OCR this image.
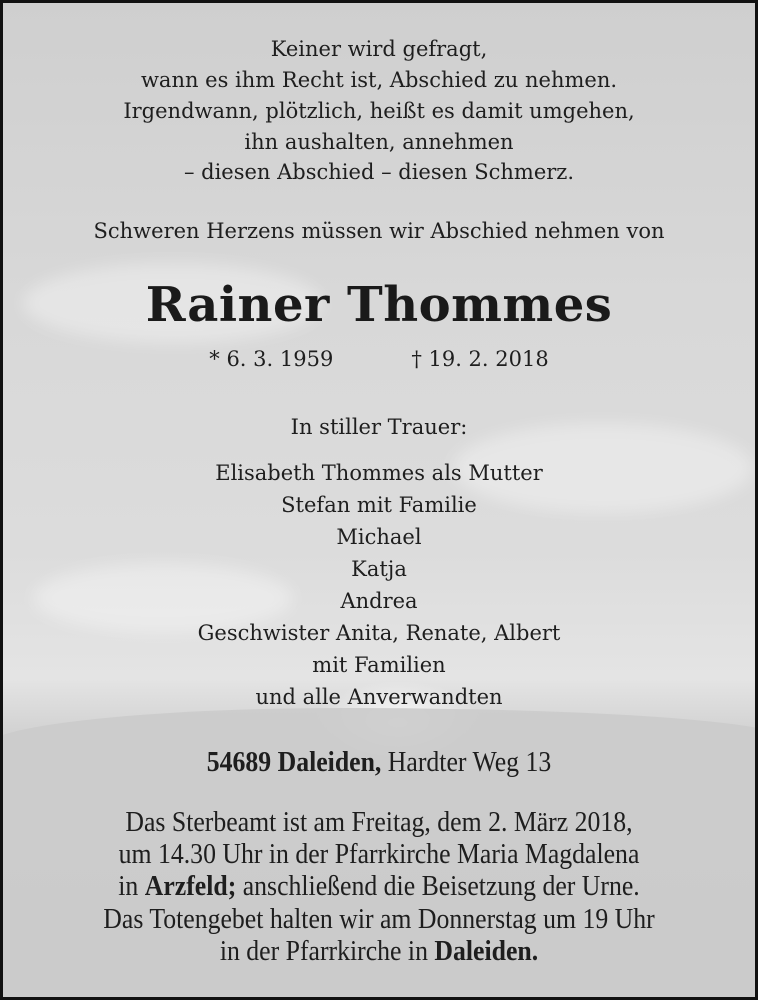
Keiner wird gefragt,
wann es ihm Recht ist, Abschied zu nehmen.
Irgendwann, plötzlich, heißt es damit umgehen,
ihn aushalten, annehmen
– diesen Abschied – diesen Schmerz.
Schweren Herzens müssen wir Abschied nehmen von
Rainer Thommes
* 6. 3. 1959	† 19. 2. 2018
In stiller Trauer:
Elisabeth Thommes als Mutter
Stefan mit Familie
Michael
Katja
Andrea
Geschwister Anita, Renate, Albert
mit Familien
und alle Anverwandten
54689 Daleiden, Hardter Weg 13
Das Sterbeamt ist am Freitag, dem 2. März 2018,
um 14.30 Uhr in der Pfarrkirche Maria Magdalena
in Arzfeld; anschließend die Beisetzung der Urne.
Das Totengebet halten wir am Donnerstag um 19 Uhr
in der Pfarrkirche in Daleiden.
